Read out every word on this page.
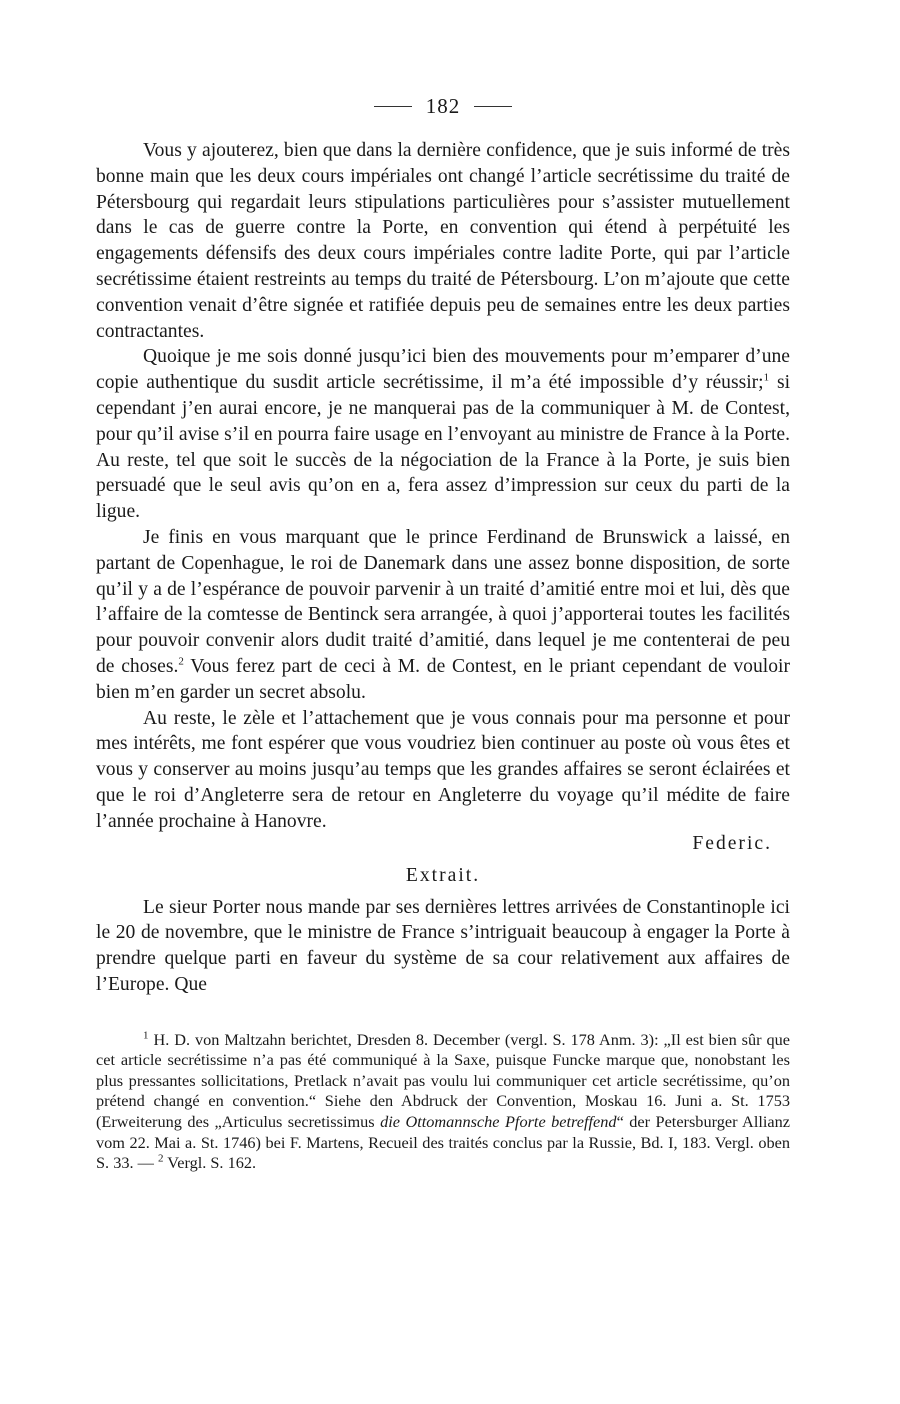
182

Vous y ajouterez, bien que dans la dernière confidence, que je suis informé de très bonne main que les deux cours impériales ont changé l’article secrétissime du traité de Pétersbourg qui regardait leurs stipulations particulières pour s’assister mutuellement dans le cas de guerre contre la Porte, en convention qui étend à perpétuité les engagements défensifs des deux cours impériales contre ladite Porte, qui par l’article secrétissime étaient restreints au temps du traité de Pétersbourg. L’on m’ajoute que cette convention venait d’être signée et ratifiée depuis peu de semaines entre les deux parties contractantes.

Quoique je me sois donné jusqu’ici bien des mouvements pour m’emparer d’une copie authentique du susdit article secrétissime, il m’a été impossible d’y réussir;$^1$ si cependant j’en aurai encore, je ne manquerai pas de la communiquer à M. de Contest, pour qu’il avise s’il en pourra faire usage en l’envoyant au ministre de France à la Porte. Au reste, tel que soit le succès de la négociation de la France à la Porte, je suis bien persuadé que le seul avis qu’on en a, fera assez d’impression sur ceux du parti de la ligue.

Je finis en vous marquant que le prince Ferdinand de Brunswick a laissé, en partant de Copenhague, le roi de Danemark dans une assez bonne disposition, de sorte qu’il y a de l’espérance de pouvoir parvenir à un traité d’amitié entre moi et lui, dès que l’affaire de la comtesse de Bentinck sera arrangée, à quoi j’apporterai toutes les facilités pour pouvoir convenir alors dudit traité d’amitié, dans lequel je me contenterai de peu de choses.$^2$ Vous ferez part de ceci à M. de Contest, en le priant cependant de vouloir bien m’en garder un secret absolu.

Au reste, le zèle et l’attachement que je vous connais pour ma personne et pour mes intérêts, me font espérer que vous voudriez bien continuer au poste où vous êtes et vous y conserver au moins jusqu’au temps que les grandes affaires se seront éclairées et que le roi d’Angleterre sera de retour en Angleterre du voyage qu’il médite de faire l’année prochaine à Hanovre.

Federic.
Extrait.

Le sieur Porter nous mande par ses dernières lettres arrivées de Constantinople ici le 20 de novembre, que le ministre de France s’intriguait beaucoup à engager la Porte à prendre quelque parti en faveur du système de sa cour relativement aux affaires de l’Europe. Que

$^1$ H. D. von Maltzahn berichtet, Dresden 8. December (vergl. S. 178 Anm. 3): „Il est bien sûr que cet article secrétissime n’a pas été communiqué à la Saxe, puisque Funcke marque que, nonobstant les plus pressantes sollicitations, Pretlack n’avait pas voulu lui communiquer cet article secrétissime, qu’on prétend changé en convention.“ Siehe den Abdruck der Convention, Moskau 16. Juni a. St. 1753 (Erweiterung des „Articulus secretissimus die Ottomannsche Pforte betreffend“ der Petersburger Allianz vom 22. Mai a. St. 1746) bei F. Martens, Recueil des traités conclus par la Russie, Bd. I, 183. Vergl. oben S. 33. — $^2$ Vergl. S. 162.
